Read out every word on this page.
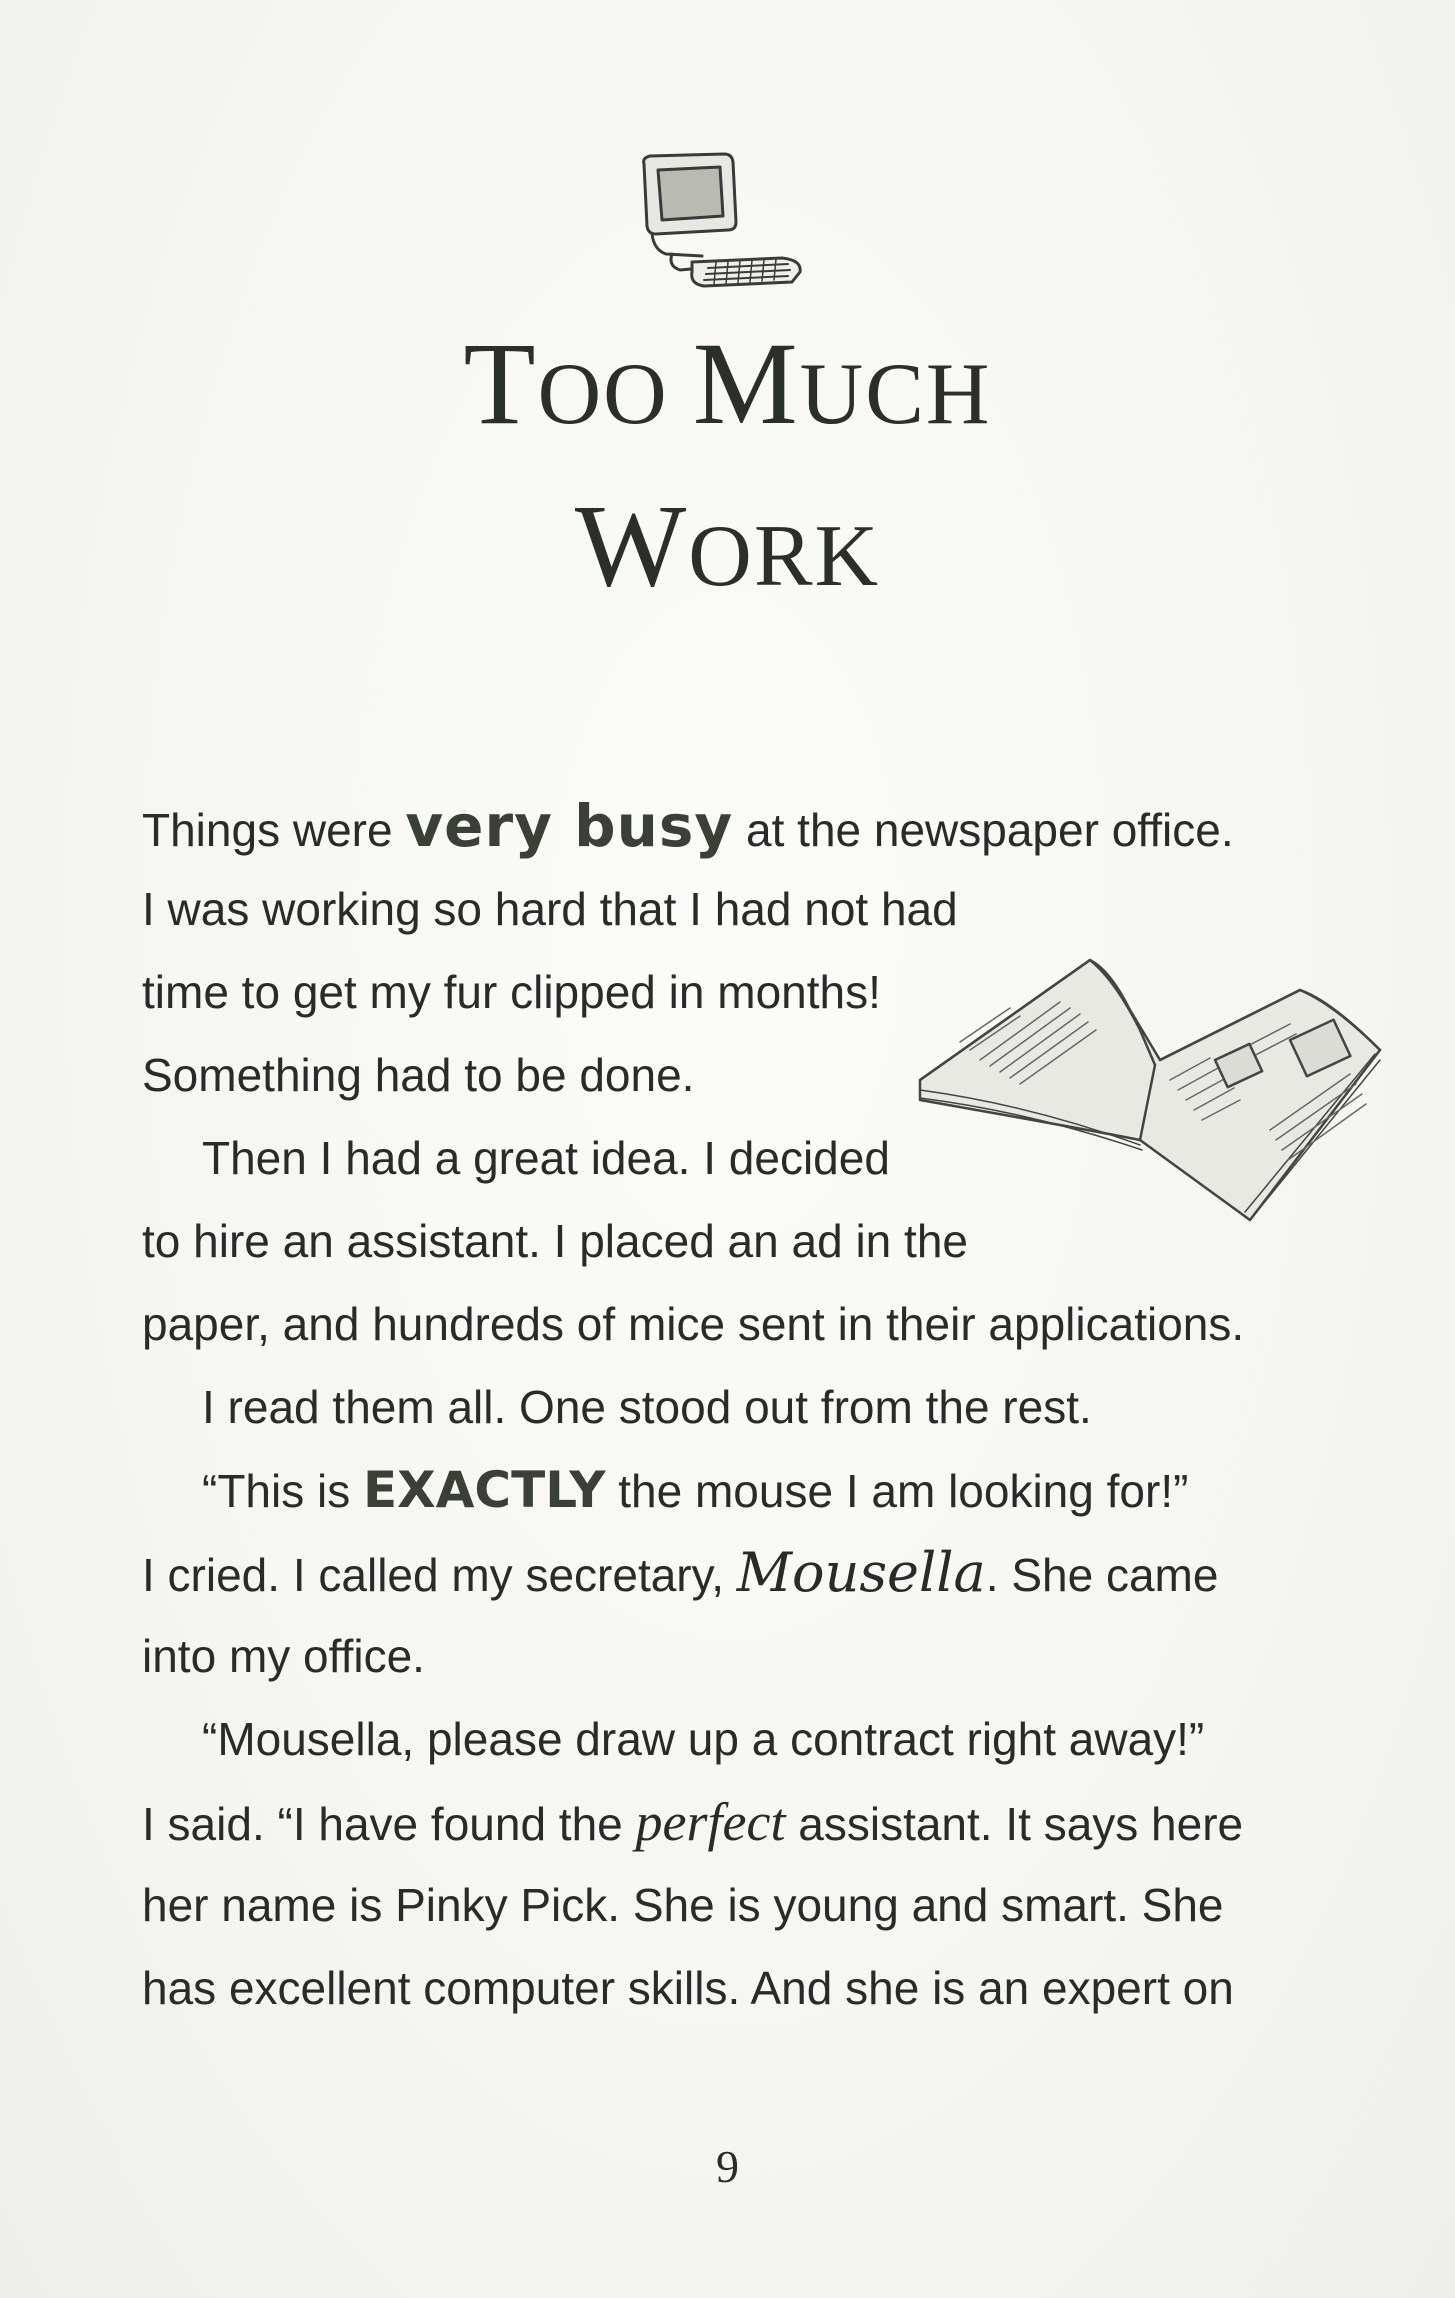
TOO MUCH
WORK
Things were very busy at the newspaper office.
I was working so hard that I had not had
time to get my fur clipped in months!
Something had to be done.
Then I had a great idea. I decided
to hire an assistant. I placed an ad in the
paper, and hundreds of mice sent in their applications.
I read them all. One stood out from the rest.
“This is EXACTLY the mouse I am looking for!”
I cried. I called my secretary, Mousella. She came
into my office.
“Mousella, please draw up a contract right away!”
I said. “I have found the perfect assistant. It says here
her name is Pinky Pick. She is young and smart. She
has excellent computer skills. And she is an expert on
9
